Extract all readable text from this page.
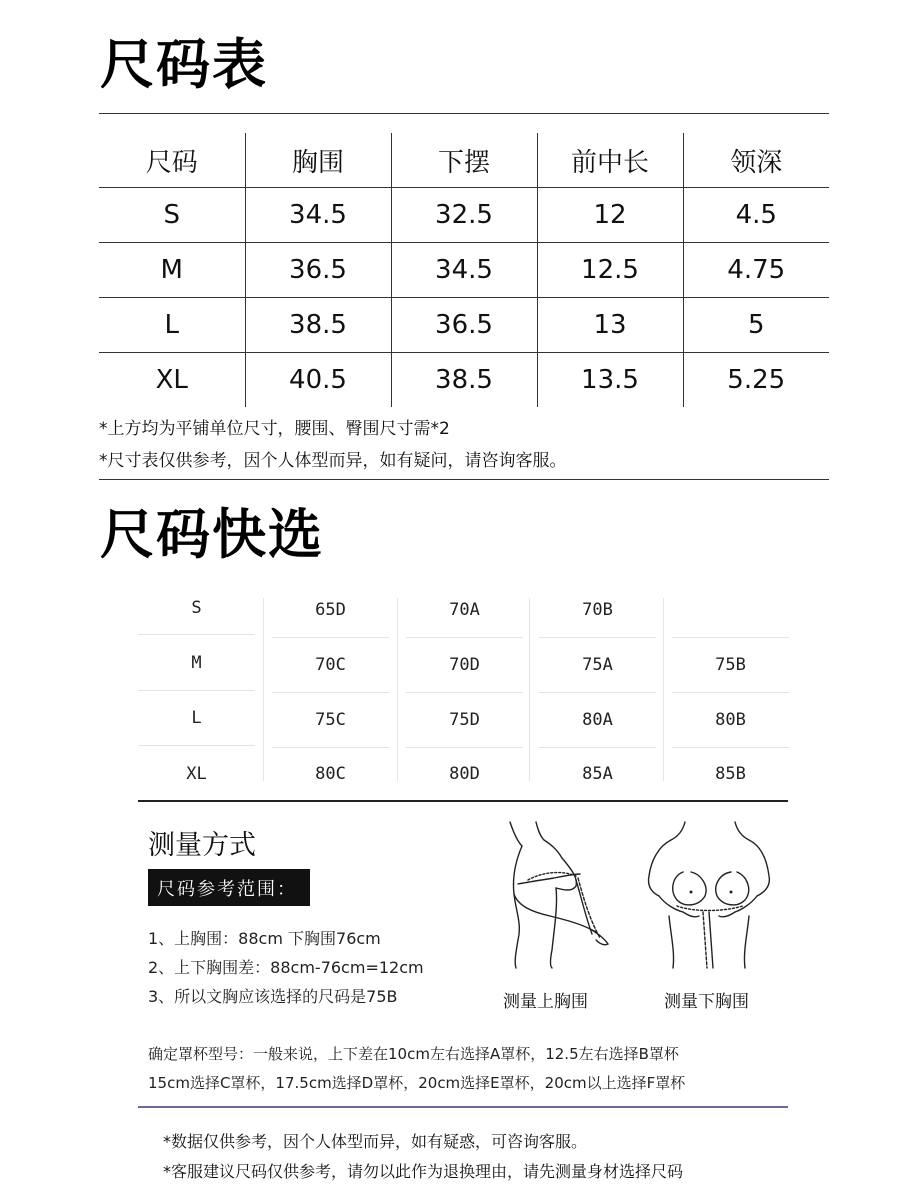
尺码表
尺码	胸围	下摆	前中长	领深
S	34.5	32.5	12	4.5
M	36.5	34.5	12.5	4.75
L	38.5	36.5	13	5
XL	40.5	38.5	13.5	5.25
*上方均为平铺单位尺寸，腰围、臀围尺寸需*2
*尺寸表仅供参考，因个人体型而异，如有疑问，请咨询客服。
尺码快选
S	65D	70A	70B
M	70C	70D	75A	75B
L	75C	75D	80A	80B
XL	80C	80D	85A	85B
测量方式
尺码参考范围：
1、上胸围：88cm 下胸围76cm
2、上下胸围差：88cm-76cm=12cm
3、所以文胸应该选择的尺码是75B	测量上胸围	测量下胸围
确定罩杯型号：一般来说，上下差在10cm左右选择A罩杯，12.5左右选择B罩杯
15cm选择C罩杯，17.5cm选择D罩杯，20cm选择E罩杯，20cm以上选择F罩杯
*数据仅供参考，因个人体型而异，如有疑惑，可咨询客服。
*客服建议尺码仅供参考，请勿以此作为退换理由，请先测量身材选择尺码
